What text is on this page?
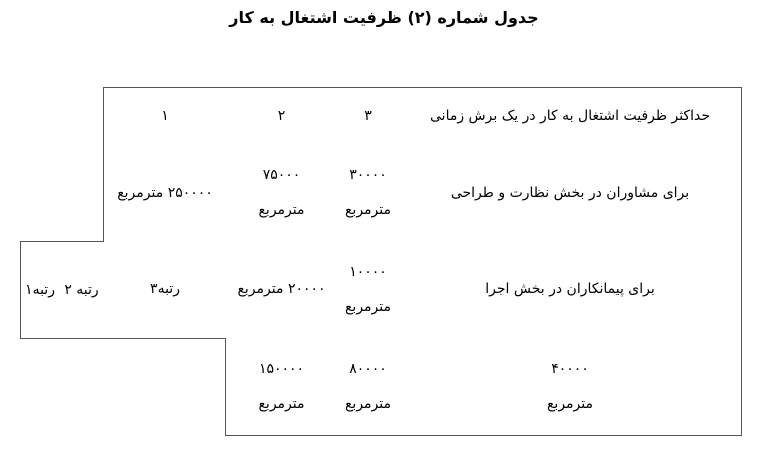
جدول شماره (۲) ظرفیت اشتغال به کار
حداکثر ظرفیت اشتغال به کار در یک برش زمانی
۳
۲
۱
برای مشاوران در بخش نظارت و طراحی
۳۰۰۰۰
مترمربع
۷۵۰۰۰
مترمربع
۲۵۰۰۰۰ مترمربع
برای پیمانکاران در بخش اجرا
۱۰۰۰۰
مترمربع
۲۰۰۰۰ مترمربع
رتبه۳
رتبه ۲
رتبه۱
۴۰۰۰۰
مترمربع
۸۰۰۰۰
مترمربع
۱۵۰۰۰۰
مترمربع
